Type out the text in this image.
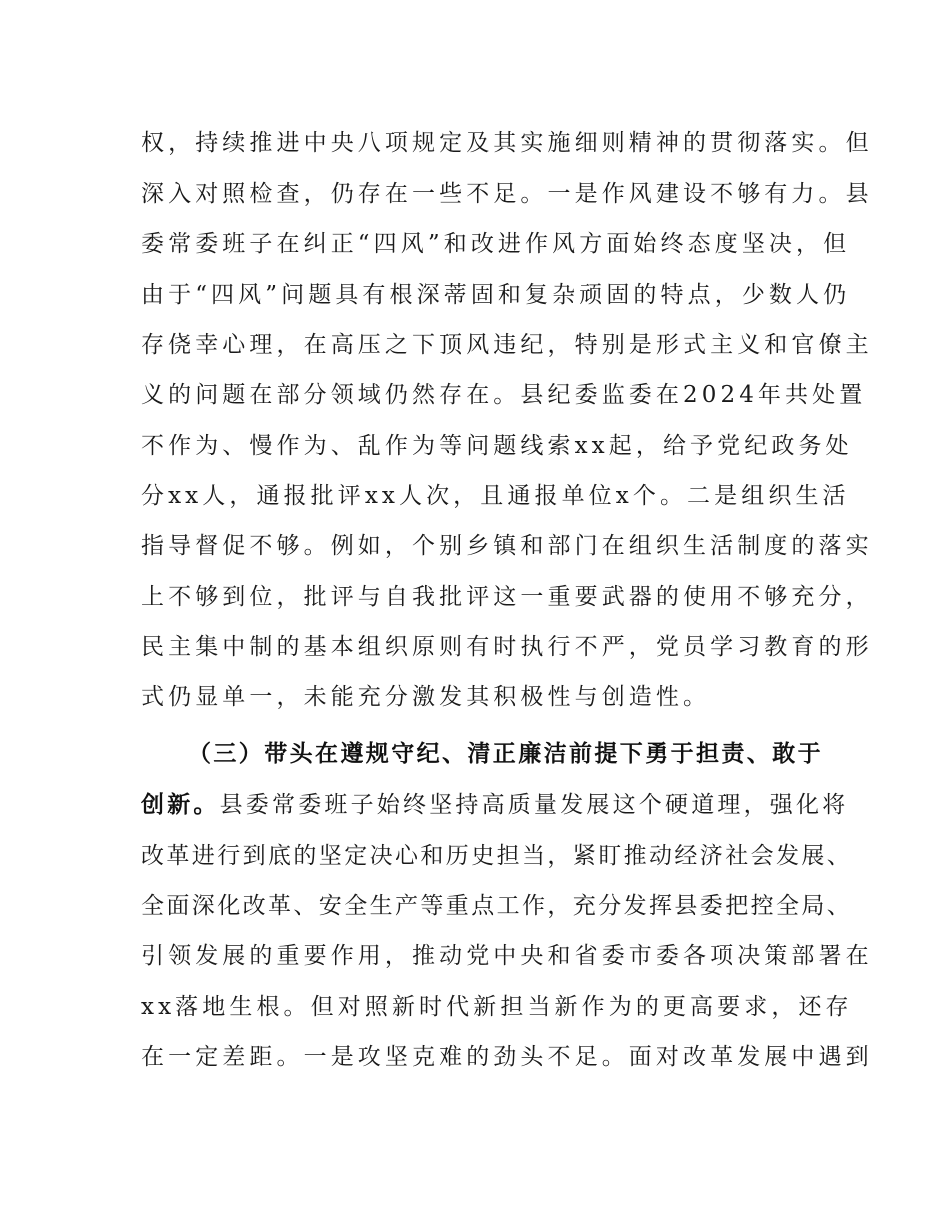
权，持续推进中央八项规定及其实施细则精神的贯彻落实。但
深入对照检查，仍存在一些不足。一是作风建设不够有力。县
委常委班子在纠正“四风”和改进作风方面始终态度坚决，但
由于“四风”问题具有根深蒂固和复杂顽固的特点，少数人仍
存侥幸心理，在高压之下顶风违纪，特别是形式主义和官僚主
义的问题在部分领域仍然存在。县纪委监委在2024年共处置
不作为、慢作为、乱作为等问题线索xx起，给予党纪政务处
分xx人，通报批评xx人次，且通报单位x个。二是组织生活
指导督促不够。例如，个别乡镇和部门在组织生活制度的落实
上不够到位，批评与自我批评这一重要武器的使用不够充分，
民主集中制的基本组织原则有时执行不严，党员学习教育的形
式仍显单一，未能充分激发其积极性与创造性。
（三）带头在遵规守纪、清正廉洁前提下勇于担责、敢于
创新。县委常委班子始终坚持高质量发展这个硬道理，强化将
改革进行到底的坚定决心和历史担当，紧盯推动经济社会发展、
全面深化改革、安全生产等重点工作，充分发挥县委把控全局、
引领发展的重要作用，推动党中央和省委市委各项决策部署在
xx落地生根。但对照新时代新担当新作为的更高要求，还存
在一定差距。一是攻坚克难的劲头不足。面对改革发展中遇到
